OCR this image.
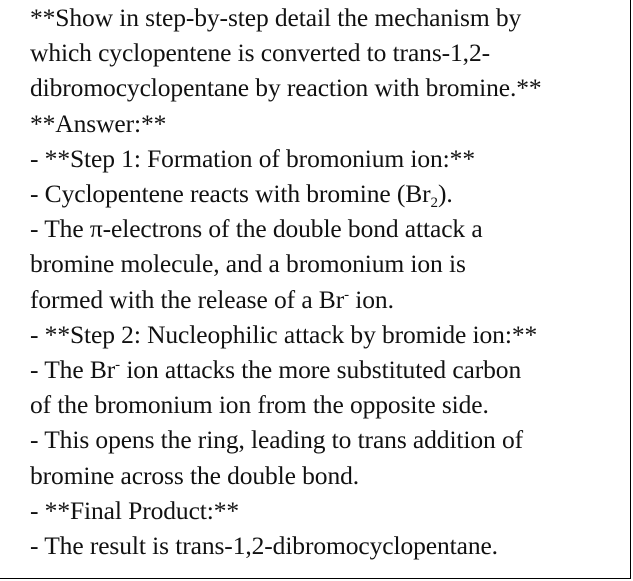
**Show in step-by-step detail the mechanism by
which cyclopentene is converted to trans-1,2-
dibromocyclopentane by reaction with bromine.**
**Answer:**
- **Step 1: Formation of bromonium ion:**
- Cyclopentene reacts with bromine $(Br_2)$.
- The π-electrons of the double bond attack a
bromine molecule, and a bromonium ion is
formed with the release of a Br- ion.
- **Step 2: Nucleophilic attack by bromide ion:**
- The Br- ion attacks the more substituted carbon
of the bromonium ion from the opposite side.
- This opens the ring, leading to trans addition of
bromine across the double bond.
- **Final Product:**
- The result is trans-1,2-dibromocyclopentane.
